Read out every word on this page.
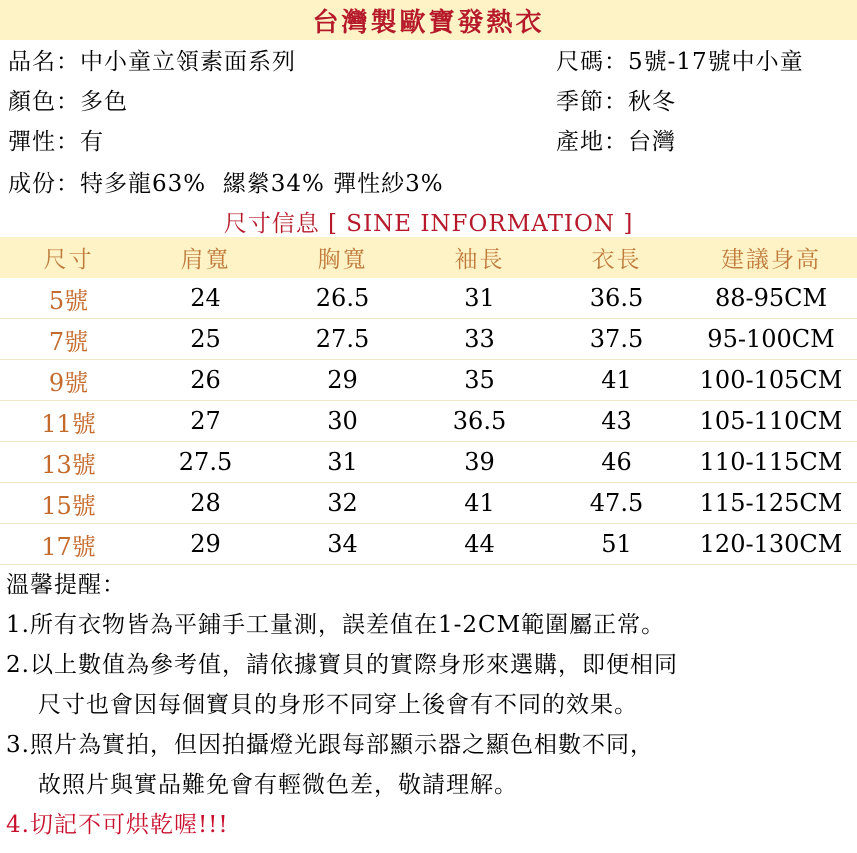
台灣製歐寶發熱衣
品名：中小童立領素面系列	尺碼：5號-17號中小童
顏色：多色	季節：秋冬
彈性：有	產地：台灣
成份：特多龍63%  縲縈34% 彈性紗3%
尺寸信息 [ SINE INFORMATION ]
尺寸	肩寬	胸寬	袖長	衣長	建議身高
5號	24	26.5	31	36.5	88-95CM
7號	25	27.5	33	37.5	95-100CM
9號	26	29	35	41	100-105CM
11號	27	30	36.5	43	105-110CM
13號	27.5	31	39	46	110-115CM
15號	28	32	41	47.5	115-125CM
17號	29	34	44	51	120-130CM
溫馨提醒：
1.所有衣物皆為平鋪手工量測，誤差值在1-2CM範圍屬正常。
2.以上數值為參考值，請依據寶貝的實際身形來選購，即便相同
尺寸也會因每個寶貝的身形不同穿上後會有不同的效果。
3.照片為實拍，但因拍攝燈光跟每部顯示器之顯色相數不同，
故照片與實品難免會有輕微色差，敬請理解。
4.切記不可烘乾喔!!!
